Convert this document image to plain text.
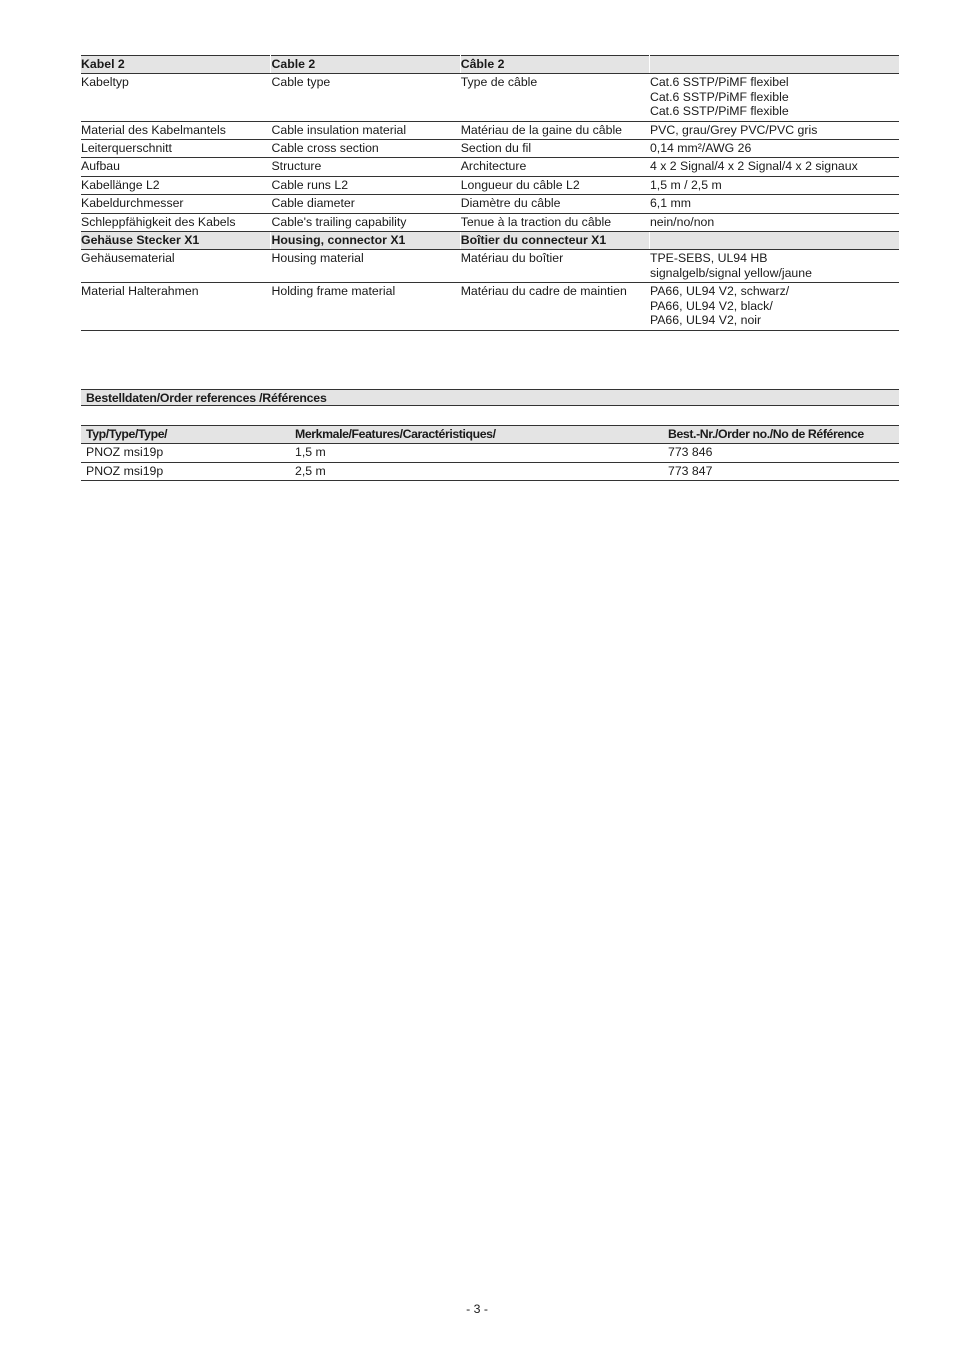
Kabel 2	Cable 2	Câble 2	
Kabeltyp	Cable type	Type de câble	Cat.6 SSTP/PiMF flexibel
Cat.6 SSTP/PiMF flexible
Cat.6 SSTP/PiMF flexible

Material des Kabelmantels	Cable insulation material	Matériau de la gaine du câble	PVC, grau/Grey PVC/PVC gris
Leiterquerschnitt	Cable cross section	Section du fil	0,14 mm²/AWG 26
Aufbau	Structure	Architecture	4 x 2 Signal/4 x 2 Signal/4 x 2 signaux
Kabellänge L2	Cable runs L2	Longueur du câble L2	1,5 m / 2,5 m
Kabeldurchmesser	Cable diameter	Diamètre du câble	6,1 mm
Schleppfähigkeit des Kabels	Cable's trailing capability	Tenue à la traction du câble	nein/no/non
Gehäuse Stecker X1	Housing, connector X1	Boîtier du connecteur X1	
Gehäusematerial	Housing material	Matériau du boîtier	TPE-SEBS, UL94 HB
signalgelb/signal yellow/jaune

Material Halterahmen	Holding frame material	Matériau du cadre de maintien	PA66, UL94 V2, schwarz/
PA66, UL94 V2, black/
PA66, UL94 V2, noir
Bestelldaten/Order references /Références
Typ/Type/Type/	Merkmale/Features/Caractéristiques/	Best.-Nr./Order no./No de Référence
PNOZ msi19p	1,5 m	773 846
PNOZ msi19p	2,5 m	773 847
- 3 -
